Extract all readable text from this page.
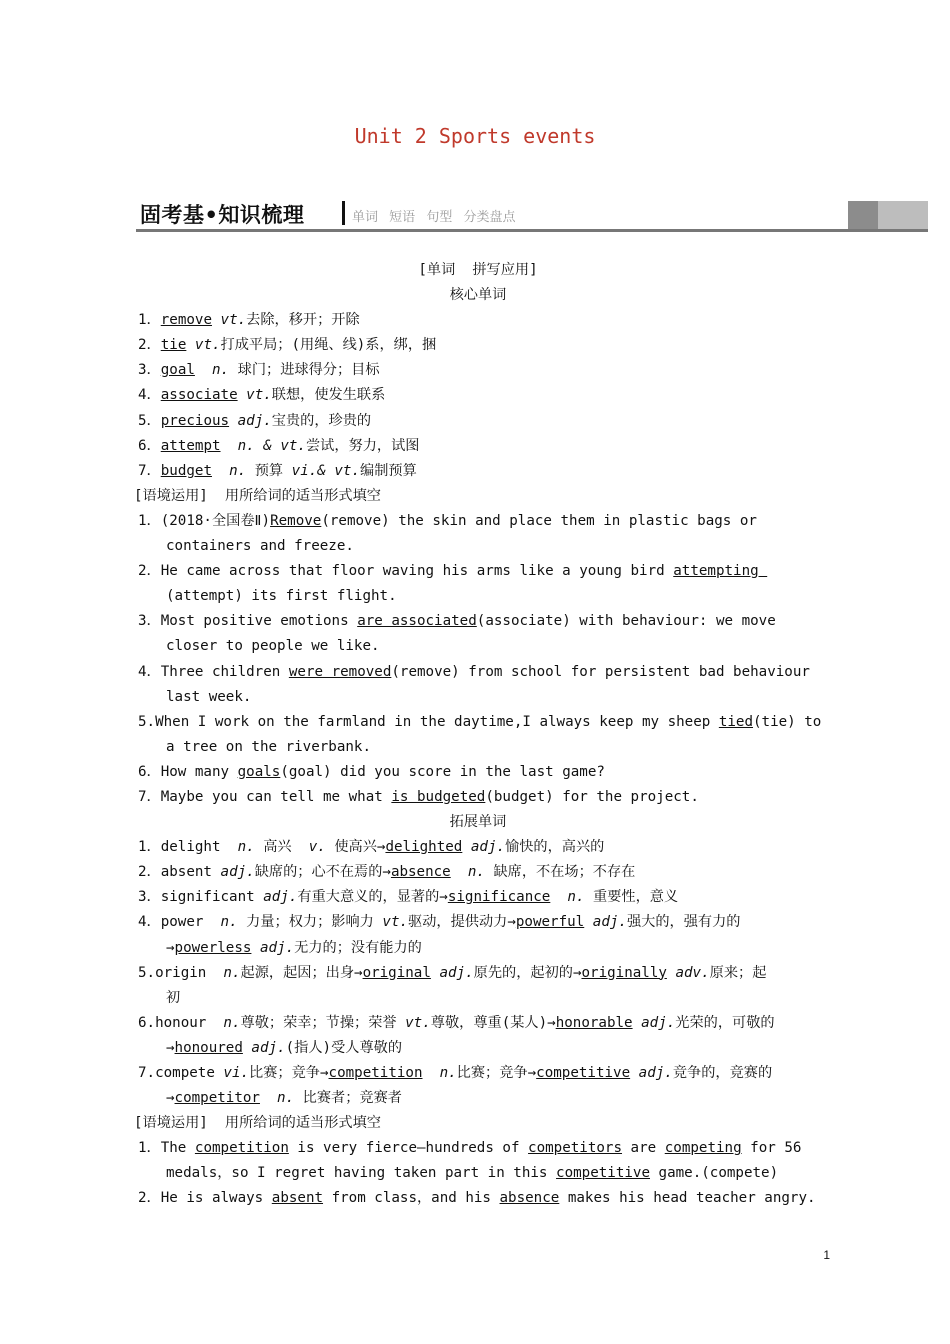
Unit 2 Sports events
固考基•知识梳理	单词 短语 句型 分类盘点
[单词  拼写应用]
核心单词
1．remove vt.去除，移开；开除
2．tie vt.打成平局；(用绳、线)系，绑，捆
3．goal n. 球门；进球得分；目标
4．associate vt.联想，使发生联系
5．precious adj.宝贵的，珍贵的
6．attempt n. & vt.尝试，努力，试图
7．budget n. 预算 vi.& vt.编制预算
[语境运用]  用所给词的适当形式填空
1．(2018·全国卷Ⅱ)Remove(remove) the skin and place them in plastic bags or
containers and freeze.
2．He came across that floor waving his arms like a young bird attempting
(attempt) its first flight.
3．Most positive emotions are associated(associate) with behaviour: we move
closer to people we like.
4．Three children were removed(remove) from school for persistent bad behaviour
last week.
5.When I work on the farmland in the daytime,I always keep my sheep tied(tie) to
a tree on the riverbank.
6．How many goals(goal) did you score in the last game?
7．Maybe you can tell me what is budgeted(budget) for the project.
拓展单词
1．delight  n. 高兴  v. 使高兴→delighted adj.愉快的，高兴的
2．absent adj.缺席的；心不在焉的→absence  n. 缺席，不在场；不存在
3．significant adj.有重大意义的，显著的→significance  n. 重要性，意义
4．power  n. 力量；权力；影响力 vt.驱动，提供动力→powerful adj.强大的，强有力的
→powerless adj.无力的；没有能力的
5.origin  n.起源，起因；出身→original adj.原先的，起初的→originally adv.原来；起
初
6.honour  n.尊敬；荣幸；节操；荣誉 vt.尊敬，尊重(某人)→honorable adj.光荣的，可敬的
→honoured adj.(指人)受人尊敬的
7.compete vi.比赛；竞争→competition  n.比赛；竞争→competitive adj.竞争的，竞赛的
→competitor  n. 比赛者；竞赛者
[语境运用]  用所给词的适当形式填空
1．The competition is very fierce—hundreds of competitors are competing for 56
medals，so I regret having taken part in this competitive game.(compete)
2．He is always absent from class，and his absence makes his head teacher angry.
1
